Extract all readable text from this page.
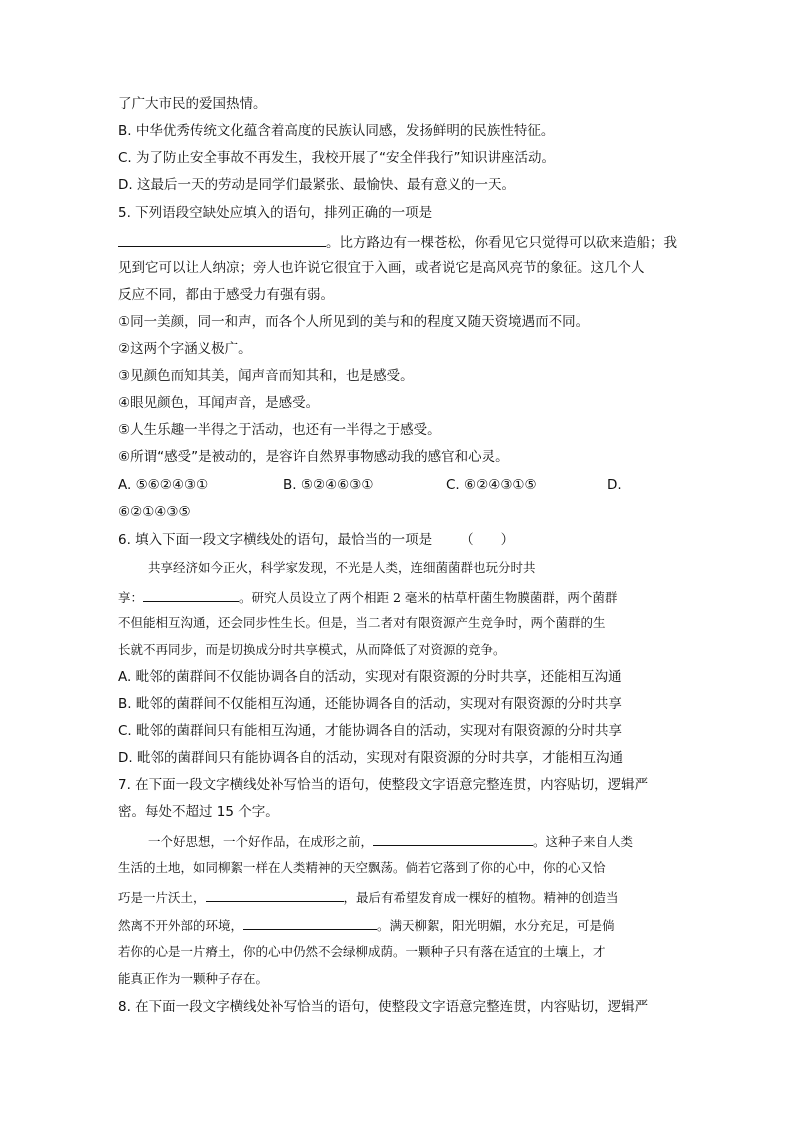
了广大市民的爱国热情。
B. 中华优秀传统文化蕴含着高度的民族认同感，发扬鲜明的民族性特征。
C. 为了防止安全事故不再发生，我校开展了“安全伴我行”知识讲座活动。
D. 这最后一天的劳动是同学们最紧张、最愉快、最有意义的一天。
5. 下列语段空缺处应填入的语句，排列正确的一项是
。比方路边有一棵苍松，你看见它只觉得可以砍来造船；我
见到它可以让人纳凉；旁人也许说它很宜于入画，或者说它是高风亮节的象征。这几个人
反应不同，都由于感受力有强有弱。
①同一美颜，同一和声，而各个人所见到的美与和的程度又随天资境遇而不同。
②这两个字涵义极广。
③见颜色而知其美，闻声音而知其和，也是感受。
④眼见颜色，耳闻声音，是感受。
⑤人生乐趣一半得之于活动，也还有一半得之于感受。
⑥所谓“感受”是被动的，是容许自然界事物感动我的感官和心灵。
A. ⑤⑥②④③①	B. ⑤②④⑥③①	C. ⑥②④③①⑤	D.
⑥②①④③⑤
6. 填入下面一段文字横线处的语句，最恰当的一项是 （　　）
共享经济如今正火，科学家发现，不光是人类，连细菌菌群也玩分时共
享：	。研究人员设立了两个相距 2 毫米的枯草杆菌生物膜菌群，两个菌群
不但能相互沟通，还会同步性生长。但是，当二者对有限资源产生竞争时，两个菌群的生
长就不再同步，而是切换成分时共享模式，从而降低了对资源的竞争。
A. 毗邻的菌群间不仅能协调各自的活动，实现对有限资源的分时共享，还能相互沟通
B. 毗邻的菌群间不仅能相互沟通，还能协调各自的活动，实现对有限资源的分时共享
C. 毗邻的菌群间只有能相互沟通，才能协调各自的活动，实现对有限资源的分时共享
D. 毗邻的菌群间只有能协调各自的活动，实现对有限资源的分时共享，才能相互沟通
7. 在下面一段文字横线处补写恰当的语句，使整段文字语意完整连贯，内容贴切，逻辑严
密。每处不超过 15 个字。
一个好思想，一个好作品，在成形之前，	。这种子来自人类
生活的土地，如同柳絮一样在人类精神的天空飘荡。倘若它落到了你的心中，你的心又恰
巧是一片沃土，	，最后有希望发育成一棵好的植物。精神的创造当
然离不开外部的环境，	。满天柳絮，阳光明媚，水分充足，可是倘
若你的心是一片瘠土，你的心中仍然不会绿柳成荫。一颗种子只有落在适宜的土壤上，才
能真正作为一颗种子存在。
8. 在下面一段文字横线处补写恰当的语句，使整段文字语意完整连贯，内容贴切，逻辑严
